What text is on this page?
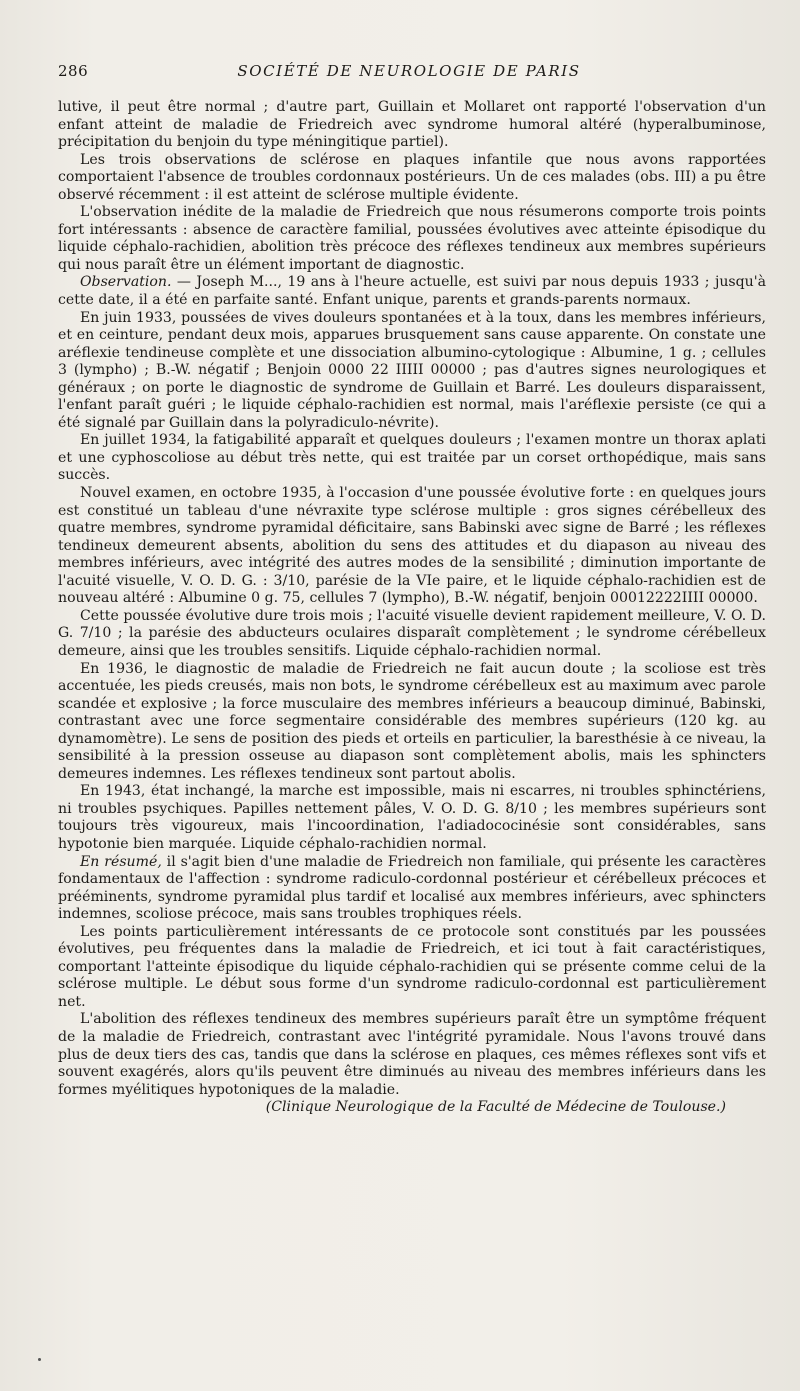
286	SOCIÉTÉ DE NEUROLOGIE DE PARIS

lutive, il peut être normal ; d'autre part, Guillain et Mollaret ont rapporté l'observation d'un enfant atteint de maladie de Friedreich avec syndrome humoral altéré (hyperalbuminose, précipitation du benjoin du type méningitique partiel).

Les trois observations de sclérose en plaques infantile que nous avons rapportées comportaient l'absence de troubles cordonnaux postérieurs. Un de ces malades (obs. III) a pu être observé récemment : il est atteint de sclérose multiple évidente.

L'observation inédite de la maladie de Friedreich que nous résumerons comporte trois points fort intéressants : absence de caractère familial, poussées évolutives avec atteinte épisodique du liquide céphalo-rachidien, abolition très précoce des réflexes tendineux aux membres supérieurs qui nous paraît être un élément important de diagnostic.

Observation. — Joseph M..., 19 ans à l'heure actuelle, est suivi par nous depuis 1933 ; jusqu'à cette date, il a été en parfaite santé. Enfant unique, parents et grands-parents normaux.

En juin 1933, poussées de vives douleurs spontanées et à la toux, dans les membres inférieurs, et en ceinture, pendant deux mois, apparues brusquement sans cause apparente. On constate une aréflexie tendineuse complète et une dissociation albumino-cytologique : Albumine, 1 g. ; cellules 3 (lympho) ; B.-W. négatif ; Benjoin 0000 22 IIIII 00000 ; pas d'autres signes neurologiques et généraux ; on porte le diagnostic de syndrome de Guillain et Barré. Les douleurs disparaissent, l'enfant paraît guéri ; le liquide céphalo-rachidien est normal, mais l'aréflexie persiste (ce qui a été signalé par Guillain dans la polyradiculo-névrite).

En juillet 1934, la fatigabilité apparaît et quelques douleurs ; l'examen montre un thorax aplati et une cyphoscoliose au début très nette, qui est traitée par un corset orthopédique, mais sans succès.

Nouvel examen, en octobre 1935, à l'occasion d'une poussée évolutive forte : en quelques jours est constitué un tableau d'une névraxite type sclérose multiple : gros signes cérébelleux des quatre membres, syndrome pyramidal déficitaire, sans Babinski avec signe de Barré ; les réflexes tendineux demeurent absents, abolition du sens des attitudes et du diapason au niveau des membres inférieurs, avec intégrité des autres modes de la sensibilité ; diminution importante de l'acuité visuelle, V. O. D. G. : 3/10, parésie de la VIe paire, et le liquide céphalo-rachidien est de nouveau altéré : Albumine 0 g. 75, cellules 7 (lympho), B.-W. négatif, benjoin 00012222IIII 00000.

Cette poussée évolutive dure trois mois ; l'acuité visuelle devient rapidement meilleure, V. O. D. G. 7/10 ; la parésie des abducteurs oculaires disparaît complètement ; le syndrome cérébelleux demeure, ainsi que les troubles sensitifs. Liquide céphalo-rachidien normal.

En 1936, le diagnostic de maladie de Friedreich ne fait aucun doute ; la scoliose est très accentuée, les pieds creusés, mais non bots, le syndrome cérébelleux est au maximum avec parole scandée et explosive ; la force musculaire des membres inférieurs a beaucoup diminué, Babinski, contrastant avec une force segmentaire considérable des membres supérieurs (120 kg. au dynamomètre). Le sens de position des pieds et orteils en particulier, la baresthésie à ce niveau, la sensibilité à la pression osseuse au diapason sont complètement abolis, mais les sphincters demeures indemnes. Les réflexes tendineux sont partout abolis.

En 1943, état inchangé, la marche est impossible, mais ni escarres, ni troubles sphinctériens, ni troubles psychiques. Papilles nettement pâles, V. O. D. G. 8/10 ; les membres supérieurs sont toujours très vigoureux, mais l'incoordination, l'adiadococinésie sont considérables, sans hypotonie bien marquée. Liquide céphalo-rachidien normal.

En résumé, il s'agit bien d'une maladie de Friedreich non familiale, qui présente les caractères fondamentaux de l'affection : syndrome radiculo-cordonnal postérieur et cérébelleux précoces et prééminents, syndrome pyramidal plus tardif et localisé aux membres inférieurs, avec sphincters indemnes, scoliose précoce, mais sans troubles trophiques réels.

Les points particulièrement intéressants de ce protocole sont constitués par les poussées évolutives, peu fréquentes dans la maladie de Friedreich, et ici tout à fait caractéristiques, comportant l'atteinte épisodique du liquide céphalo-rachidien qui se présente comme celui de la sclérose multiple. Le début sous forme d'un syndrome radiculo-cordonnal est particulièrement net.

L'abolition des réflexes tendineux des membres supérieurs paraît être un symptôme fréquent de la maladie de Friedreich, contrastant avec l'intégrité pyramidale. Nous l'avons trouvé dans plus de deux tiers des cas, tandis que dans la sclérose en plaques, ces mêmes réflexes sont vifs et souvent exagérés, alors qu'ils peuvent être diminués au niveau des membres inférieurs dans les formes myélitiques hypotoniques de la maladie.

(Clinique Neurologique de la Faculté de Médecine de Toulouse.)
